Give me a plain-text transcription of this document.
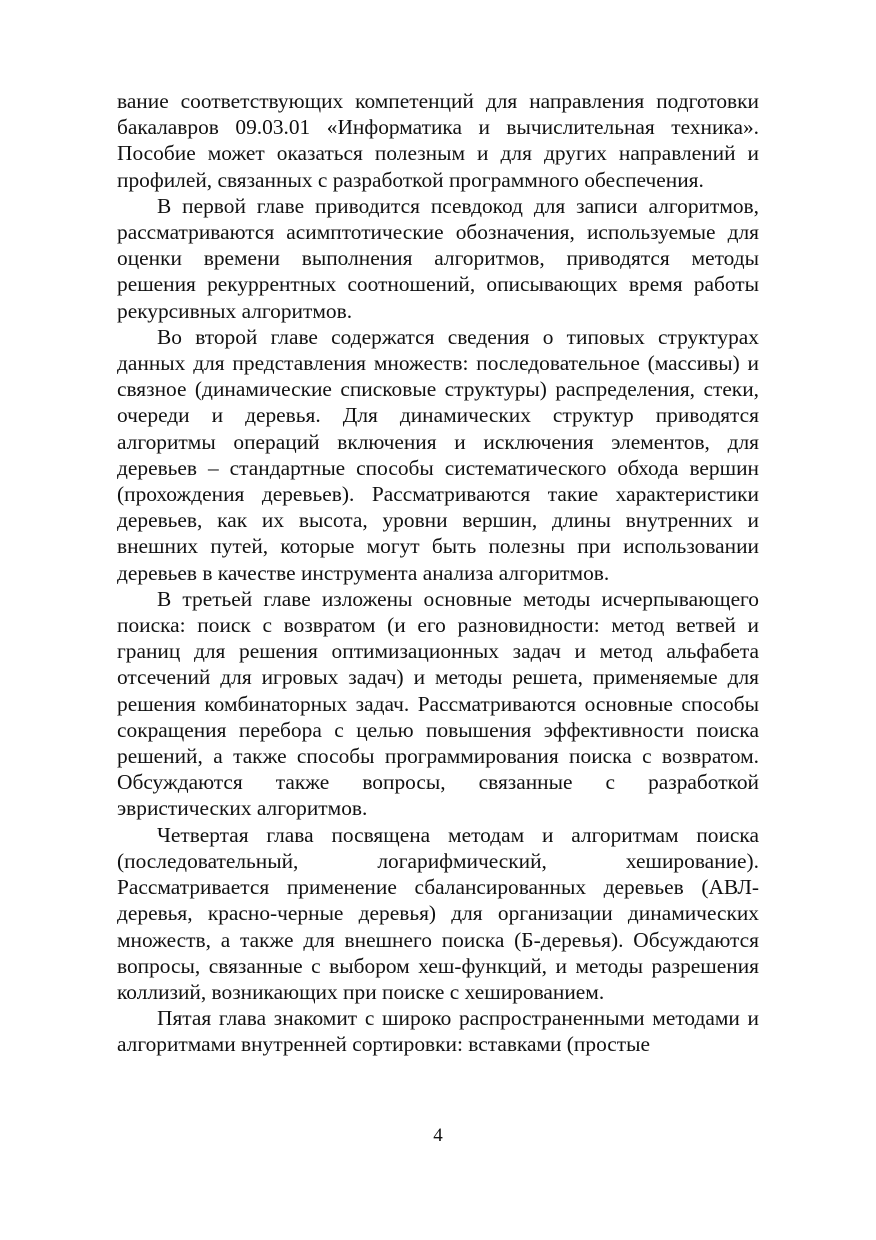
вание соответствующих компетенций для направления подготовки бакалавров 09.03.01 «Информатика и вычислительная техника». Пособие может оказаться полезным и для других направлений и профилей, связанных с разработкой программного обеспечения.

В первой главе приводится псевдокод для записи алгоритмов, рассматриваются асимптотические обозначения, используемые для оценки времени выполнения алгоритмов, приводятся методы решения рекуррентных соотношений, описывающих время работы рекурсивных алгоритмов.

Во второй главе содержатся сведения о типовых структурах данных для представления множеств: последовательное (массивы) и связное (динамические списковые структуры) распределения, стеки, очереди и деревья. Для динамических структур приводятся алгоритмы операций включения и исключения элементов, для деревьев – стандартные способы систематического обхода вершин (прохождения деревьев). Рассматриваются такие характеристики деревьев, как их высота, уровни вершин, длины внутренних и внешних путей, которые могут быть полезны при использовании деревьев в качестве инструмента анализа алгоритмов.

В третьей главе изложены основные методы исчерпывающего поиска: поиск с возвратом (и его разновидности: метод ветвей и границ для решения оптимизационных задач и метод альфабета отсечений для игровых задач) и методы решета, применяемые для решения комбинаторных задач. Рассматриваются основные способы сокращения перебора с целью повышения эффективности поиска решений, а также способы программирования поиска с возвратом. Обсуждаются также вопросы, связанные с разработкой эвристических алгоритмов.

Четвертая глава посвящена методам и алгоритмам поиска (последовательный, логарифмический, хеширование). Рассматривается применение сбалансированных деревьев (АВЛ-деревья, красно-черные деревья) для организации динамических множеств, а также для внешнего поиска (Б-деревья). Обсуждаются вопросы, связанные с выбором хеш-функций, и методы разрешения коллизий, возникающих при поиске с хешированием.

Пятая глава знакомит с широко распространенными методами и алгоритмами внутренней сортировки: вставками (простые

4
